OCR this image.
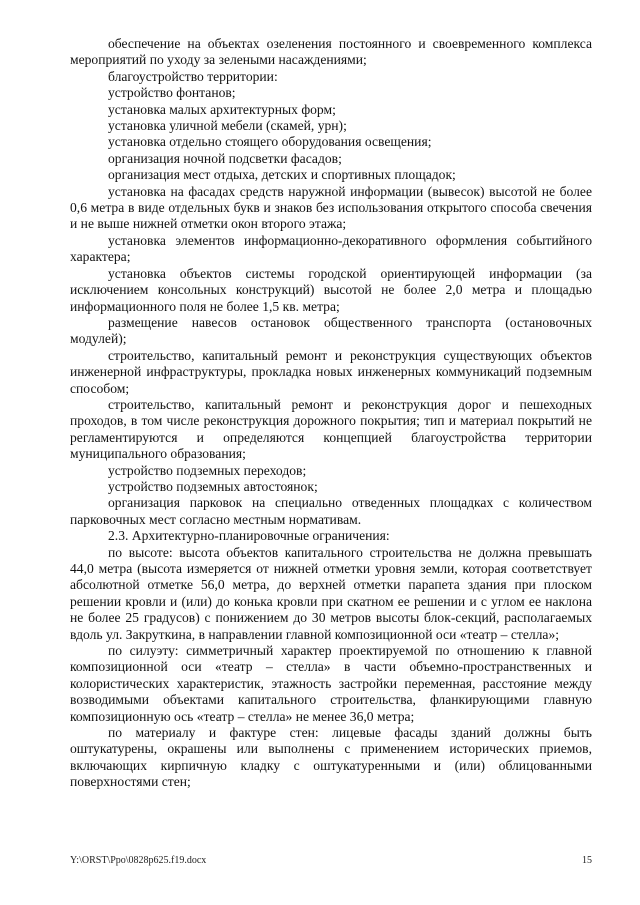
обеспечение на объектах озеленения постоянного и своевременного комплекса мероприятий по уходу за зелеными насаждениями;

благоустройство территории:

устройство фонтанов;

установка малых архитектурных форм;

установка уличной мебели (скамей, урн);

установка отдельно стоящего оборудования освещения;

организация ночной подсветки фасадов;

организация мест отдыха, детских и спортивных площадок;

установка на фасадах средств наружной информации (вывесок) высотой не более 0,6 метра в виде отдельных букв и знаков без использования открытого способа свечения и не выше нижней отметки окон второго этажа;

установка элементов информационно-декоративного оформления событийного характера;

установка объектов системы городской ориентирующей информации (за исключением консольных конструкций) высотой не более 2,0 метра и площадью информационного поля не более 1,5 кв. метра;

размещение навесов остановок общественного транспорта (остановочных модулей);

строительство, капитальный ремонт и реконструкция существующих объектов инженерной инфраструктуры, прокладка новых инженерных коммуникаций подземным способом;

строительство, капитальный ремонт и реконструкция дорог и пешеходных проходов, в том числе реконструкция дорожного покрытия; тип и материал покрытий не регламентируются и определяются концепцией благоустройства территории муниципального образования;

устройство подземных переходов;

устройство подземных автостоянок;

организация парковок на специально отведенных площадках с количеством парковочных мест согласно местным нормативам.

2.3. Архитектурно-планировочные ограничения:

по высоте: высота объектов капитального строительства не должна превышать 44,0 метра (высота измеряется от нижней отметки уровня земли, которая соответствует абсолютной отметке 56,0 метра, до верхней отметки парапета здания при плоском решении кровли и (или) до конька кровли при скатном ее решении и с углом ее наклона не более 25 градусов) с понижением до 30 метров высоты блок-секций, располагаемых вдоль ул. Закруткина, в направлении главной композиционной оси «театр – стелла»;

по силуэту: симметричный характер проектируемой по отношению к главной композиционной оси «театр – стелла» в части объемно-пространственных и колористических характеристик, этажность застройки переменная, расстояние между возводимыми объектами капитального строительства, фланкирующими главную композиционную ось «театр – стелла» не менее 36,0 метра;

по материалу и фактуре стен: лицевые фасады зданий должны быть оштукатурены, окрашены или выполнены с применением исторических приемов, включающих кирпичную кладку с оштукатуренными и (или) облицованными поверхностями стен;

Y:\ORST\Ppo\0828p625.f19.docx	15
